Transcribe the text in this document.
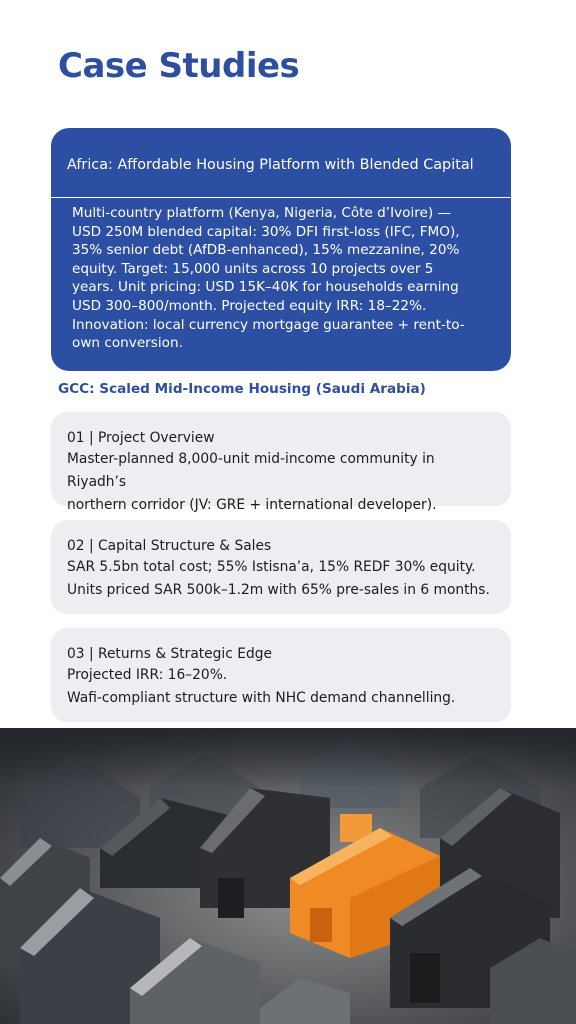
Case Studies
Africa: Affordable Housing Platform with Blended Capital
Multi-country platform (Kenya, Nigeria, Côte d’Ivoire) —
USD 250M blended capital: 30% DFI first-loss (IFC, FMO),
35% senior debt (AfDB-enhanced), 15% mezzanine, 20%
equity. Target: 15,000 units across 10 projects over 5
years. Unit pricing: USD 15K–40K for households earning
USD 300–800/month. Projected equity IRR: 18–22%.
Innovation: local currency mortgage guarantee + rent-to-
own conversion.
GCC: Scaled Mid-Income Housing (Saudi Arabia)
01 | Project Overview
Master-planned 8,000-unit mid-income community in Riyadh’s
northern corridor (JV: GRE + international developer).
02 | Capital Structure & Sales
SAR 5.5bn total cost; 55% Istisna’a, 15% REDF 30% equity.
Units priced SAR 500k–1.2m with 65% pre-sales in 6 months.
03 | Returns & Strategic Edge
Projected IRR: 16–20%.
Wafi-compliant structure with NHC demand channelling.
